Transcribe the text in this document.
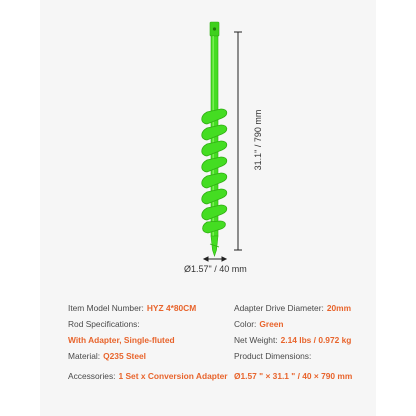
31.1" / 790 mm
Ø1.57" / 40 mm
Item Model Number: HYZ 4*80CM
Rod Specifications:
With Adapter, Single-fluted
Material: Q235 Steel
Accessories: 1 Set x Conversion Adapter
Adapter Drive Diameter: 20mm
Color: Green
Net Weight: 2.14 lbs / 0.972 kg
Product Dimensions:
Ø1.57 " × 31.1 " / 40 × 790 mm
